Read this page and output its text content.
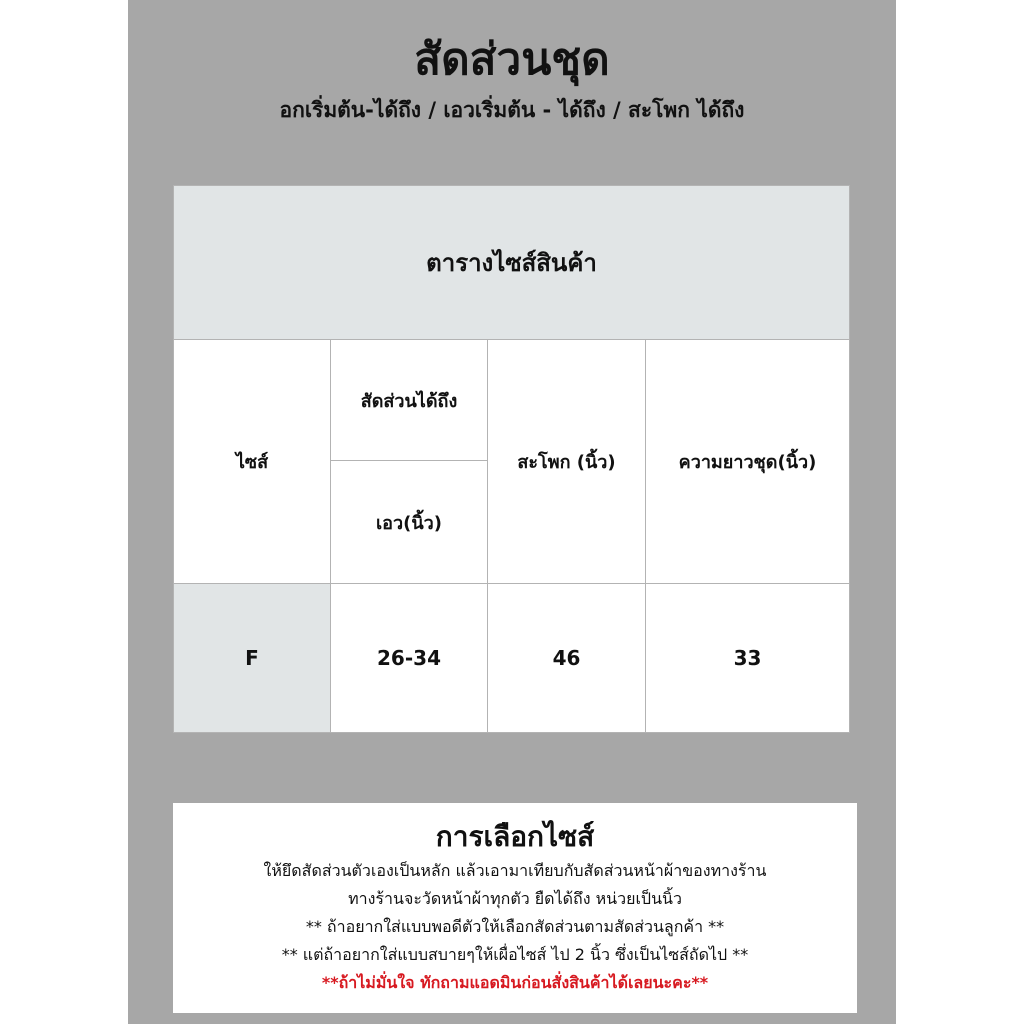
สัดส่วนชุด
อกเริ่มต้น-ได้ถึง / เอวเริ่มต้น - ได้ถึง / สะโพก ได้ถึง
ตารางไซส์สินค้า			
ไซส์	สัดส่วนได้ถึง	สะโพก (นิ้ว)	ความยาวชุด(นิ้ว)
	เอว(นิ้ว)		
F	26-34	46	33
การเลือกไซส์
ให้ยึดสัดส่วนตัวเองเป็นหลัก แล้วเอามาเทียบกับสัดส่วนหน้าผ้าของทางร้าน
ทางร้านจะวัดหน้าผ้าทุกตัว ยืดได้ถึง หน่วยเป็นนิ้ว
** ถ้าอยากใส่แบบพอดีตัวให้เลือกสัดส่วนตามสัดส่วนลูกค้า **
** แต่ถ้าอยากใส่แบบสบายๆให้เผื่อไซส์ ไป 2 นิ้ว ซึ่งเป็นไซส์ถัดไป **
**ถ้าไม่มั่นใจ ทักถามแอดมินก่อนสั่งสินค้าได้เลยนะคะ**
